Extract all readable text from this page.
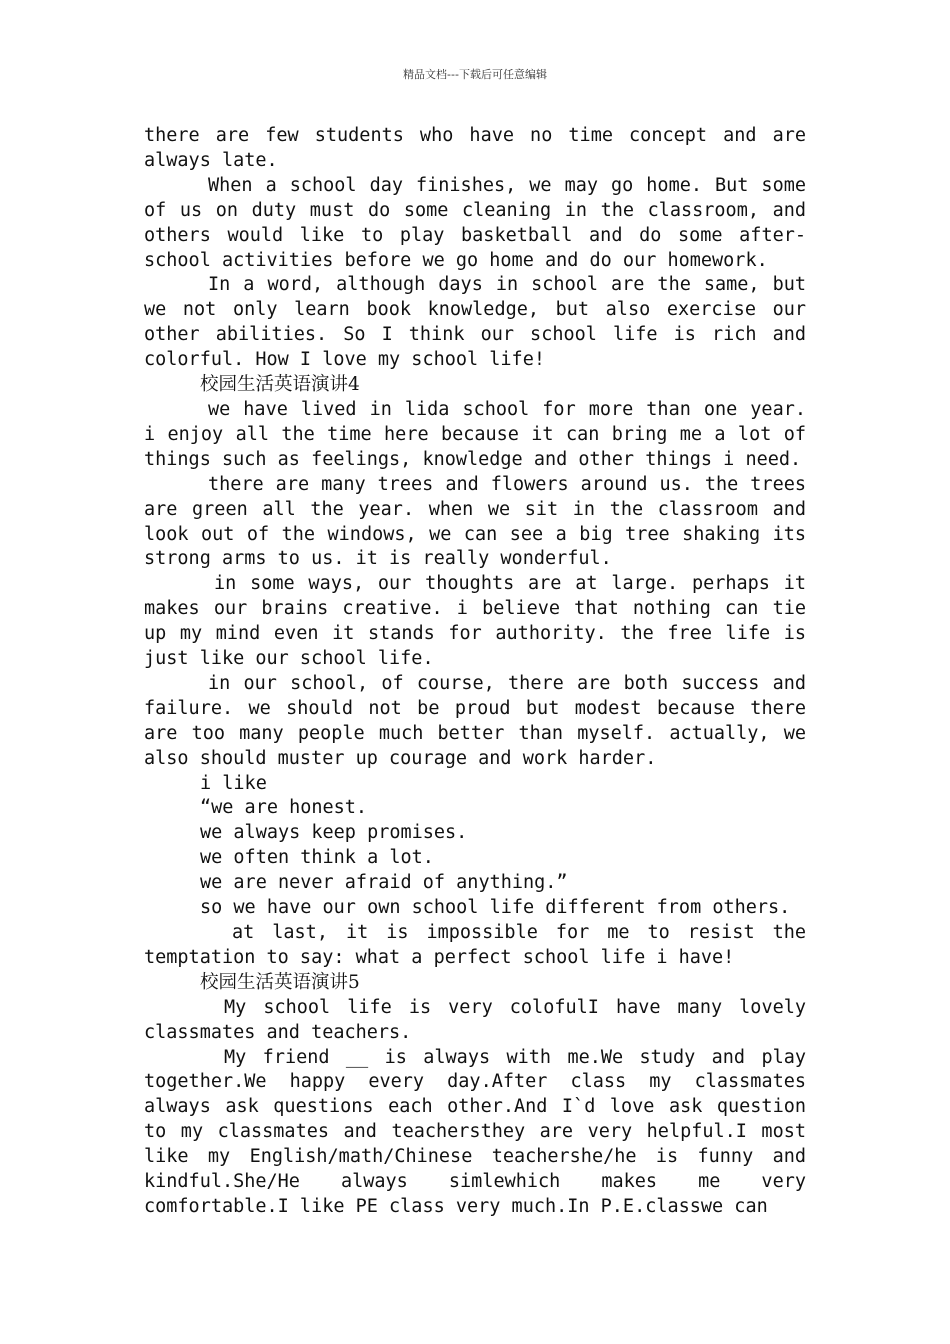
精品文档---下载后可任意编辑

there are few students who have no time concept and are always late.

When a school day finishes, we may go home. But some of us on duty must do some cleaning in the classroom, and others would like to play basketball and do some after-school activities before we go home and do our homework.

In a word, although days in school are the same, but we not only learn book knowledge, but also exercise our other abilities. So I think our school life is rich and colorful. How I love my school life!

校园生活英语演讲4

we have lived in lida school for more than one year. i enjoy all the time here because it can bring me a lot of things such as feelings, knowledge and other things i need.

there are many trees and flowers around us. the trees are green all the year. when we sit in the classroom and look out of the windows, we can see a big tree shaking its strong arms to us. it is really wonderful.

in some ways, our thoughts are at large. perhaps it makes our brains creative. i believe that nothing can tie up my mind even it stands for authority. the free life is just like our school life.

in our school, of course, there are both success and failure. we should not be proud but modest because there are too many people much better than myself. actually, we also should muster up courage and work harder.

i like

“we are honest.

we always keep promises.

we often think a lot.

we are never afraid of anything.”

so we have our own school life different from others.

at last, it is impossible for me to resist the temptation to say: what a perfect school life i have!

校园生活英语演讲5

My school life is very colofulI have many lovely classmates and teachers.

My friend __ is always with me.We study and play together.We happy every day.After class my classmates always ask questions each other.And I`d love ask question to my classmates and teachersthey are very helpful.I most like my English/math/Chinese teachershe/he is funny and kindful.She/He always simlewhich makes me very comfortable.I like PE class very much.In P.E.classwe can
